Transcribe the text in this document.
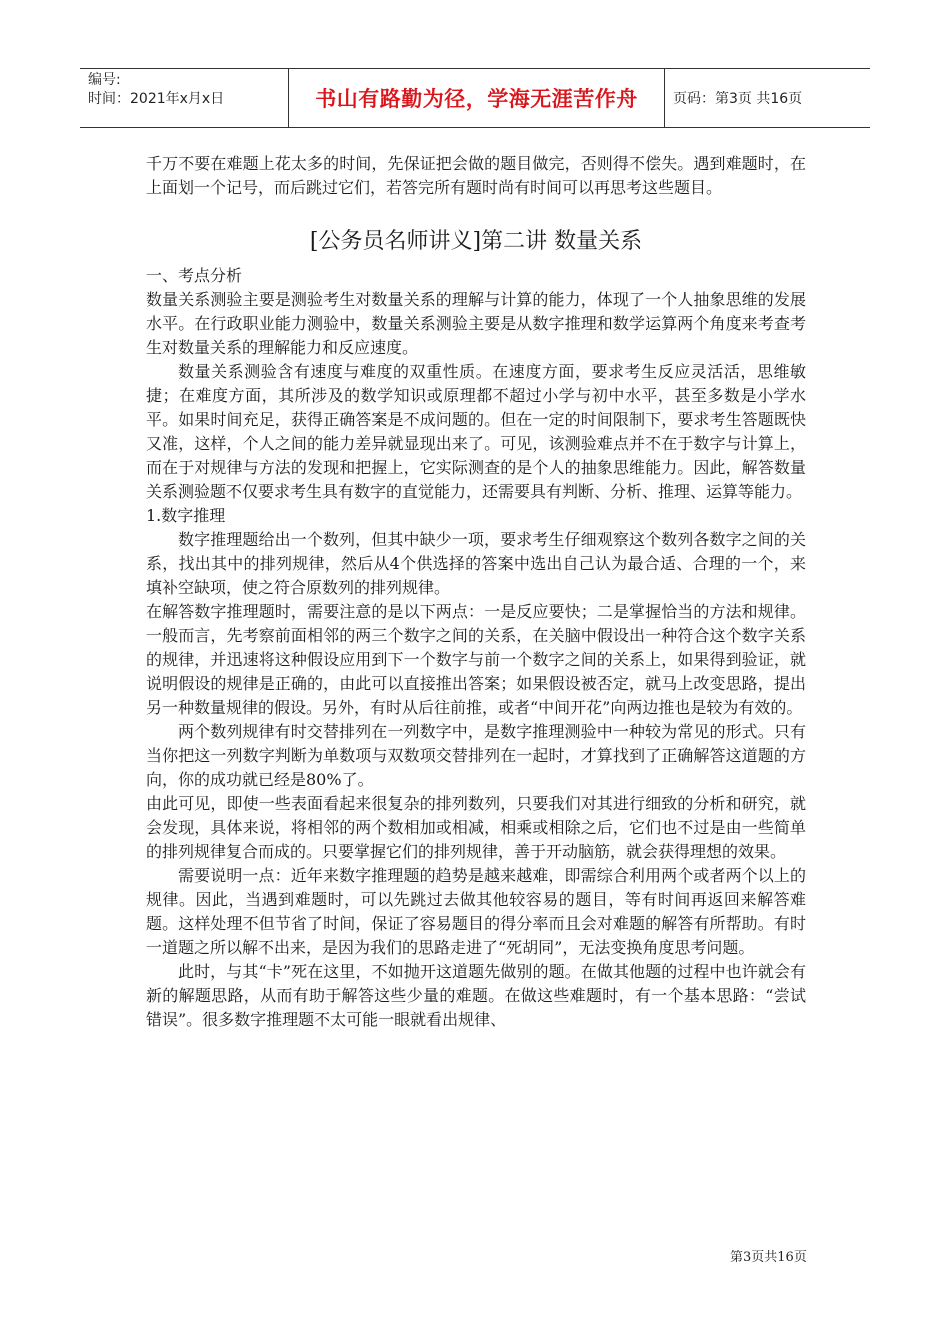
编号:
时间：2021年x月x日	书山有路勤为径，学海无涯苦作舟	页码：第3页 共16页

千万不要在难题上花太多的时间，先保证把会做的题目做完，否则得不偿失。遇到难题时，在上面划一个记号，而后跳过它们，若答完所有题时尚有时间可以再思考这些题目。

[公务员名师讲义]第二讲 数量关系

一、考点分析

数量关系测验主要是测验考生对数量关系的理解与计算的能力，体现了一个人抽象思维的发展水平。在行政职业能力测验中，数量关系测验主要是从数字推理和数学运算两个角度来考查考生对数量关系的理解能力和反应速度。

数量关系测验含有速度与难度的双重性质。在速度方面，要求考生反应灵活活，思维敏捷；在难度方面，其所涉及的数学知识或原理都不超过小学与初中水平，甚至多数是小学水平。如果时间充足，获得正确答案是不成问题的。但在一定的时间限制下，要求考生答题既快又准，这样，个人之间的能力差异就显现出来了。可见，该测验难点并不在于数字与计算上，而在于对规律与方法的发现和把握上，它实际测查的是个人的抽象思维能力。因此，解答数量关系测验题不仅要求考生具有数字的直觉能力，还需要具有判断、分析、推理、运算等能力。

1.数字推理

数字推理题给出一个数列，但其中缺少一项，要求考生仔细观察这个数列各数字之间的关系，找出其中的排列规律，然后从4个供选择的答案中选出自己认为最合适、合理的一个，来填补空缺项，使之符合原数列的排列规律。

在解答数字推理题时，需要注意的是以下两点：一是反应要快；二是掌握恰当的方法和规律。一般而言，先考察前面相邻的两三个数字之间的关系，在关脑中假设出一种符合这个数字关系的规律，并迅速将这种假设应用到下一个数字与前一个数字之间的关系上，如果得到验证，就说明假设的规律是正确的，由此可以直接推出答案；如果假设被否定，就马上改变思路，提出另一种数量规律的假设。另外，有时从后往前推，或者“中间开花”向两边推也是较为有效的。

两个数列规律有时交替排列在一列数字中，是数字推理测验中一种较为常见的形式。只有当你把这一列数字判断为单数项与双数项交替排列在一起时，才算找到了正确解答这道题的方向，你的成功就已经是80%了。

由此可见，即使一些表面看起来很复杂的排列数列，只要我们对其进行细致的分析和研究，就会发现，具体来说，将相邻的两个数相加或相减，相乘或相除之后，它们也不过是由一些简单的排列规律复合而成的。只要掌握它们的排列规律，善于开动脑筋，就会获得理想的效果。

需要说明一点：近年来数字推理题的趋势是越来越难，即需综合利用两个或者两个以上的规律。因此，当遇到难题时，可以先跳过去做其他较容易的题目，等有时间再返回来解答难题。这样处理不但节省了时间，保证了容易题目的得分率而且会对难题的解答有所帮助。有时一道题之所以解不出来，是因为我们的思路走进了“死胡同”，无法变换角度思考问题。

此时，与其“卡”死在这里，不如抛开这道题先做别的题。在做其他题的过程中也许就会有新的解题思路，从而有助于解答这些少量的难题。在做这些难题时，有一个基本思路：“尝试错误”。很多数字推理题不太可能一眼就看出规律、

第3页共16页
